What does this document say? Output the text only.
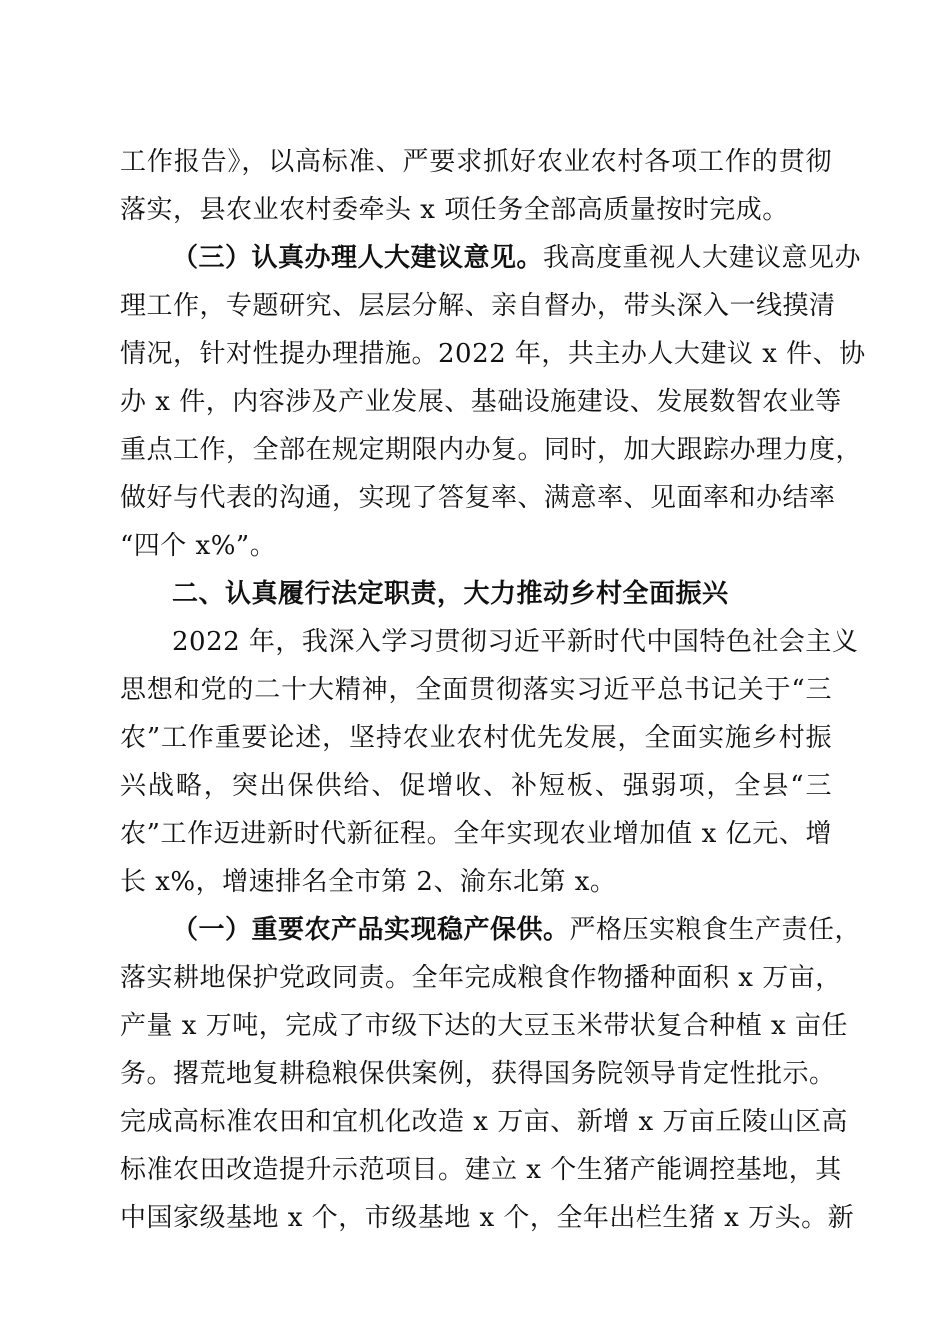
工作报告》，以高标准、严要求抓好农业农村各项工作的贯彻
落实，县农业农村委牵头 x 项任务全部高质量按时完成。
（三）认真办理人大建议意见。我高度重视人大建议意见办
理工作，专题研究、层层分解、亲自督办，带头深入一线摸清
情况，针对性提办理措施。2022 年，共主办人大建议 x 件、协
办 x 件，内容涉及产业发展、基础设施建设、发展数智农业等
重点工作，全部在规定期限内办复。同时，加大跟踪办理力度，
做好与代表的沟通，实现了答复率、满意率、见面率和办结率
“四个 x%”。
二、认真履行法定职责，大力推动乡村全面振兴
2022 年，我深入学习贯彻习近平新时代中国特色社会主义
思想和党的二十大精神，全面贯彻落实习近平总书记关于“三
农”工作重要论述，坚持农业农村优先发展，全面实施乡村振
兴战略，突出保供给、促增收、补短板、强弱项，全县“三
农”工作迈进新时代新征程。全年实现农业增加值 x 亿元、增
长 x%，增速排名全市第 2、渝东北第 x。
（一）重要农产品实现稳产保供。严格压实粮食生产责任，
落实耕地保护党政同责。全年完成粮食作物播种面积 x 万亩，
产量 x 万吨，完成了市级下达的大豆玉米带状复合种植 x 亩任
务。撂荒地复耕稳粮保供案例，获得国务院领导肯定性批示。
完成高标准农田和宜机化改造 x 万亩、新增 x 万亩丘陵山区高
标准农田改造提升示范项目。建立 x 个生猪产能调控基地，其
中国家级基地 x 个，市级基地 x 个，全年出栏生猪 x 万头。新
